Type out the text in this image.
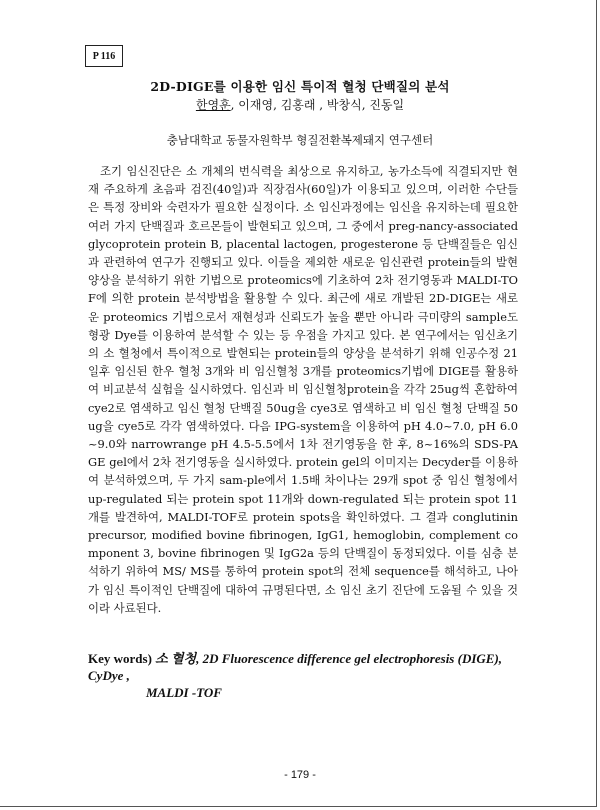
P 116
2D-DIGE를 이용한 임신 특이적 혈청 단백질의 분석
한영훈, 이재영, 김홍래 , 박창식, 진동일
충남대학교 동물자원학부 형질전환복제돼지 연구센터

조기 임신진단은 소 개체의 번식력을 최상으로 유지하고, 농가소득에 직결되지만 현재 주요하게 초음파 검진(40일)과 직장검사(60일)가 이용되고 있으며, 이러한 수단들은 특정 장비와 숙련자가 필요한 실정이다. 소 임신과정에는 임신을 유지하는데 필요한 여러 가지 단백질과 호르몬들이 발현되고 있으며, 그 중에서 preg-nancy-associated glycoprotein protein B, placental lactogen, progesterone 등 단백질들은 임신과 관련하여 연구가 진행되고 있다. 이들을 제외한 새로운 임신관련 protein들의 발현 양상을 분석하기 위한 기법으로 proteomics에 기초하여 2차 전기영동과 MALDI-TOF에 의한 protein 분석방법을 활용할 수 있다. 최근에 새로 개발된 2D-DIGE는 새로운 proteomics 기법으로서 재현성과 신뢰도가 높을 뿐만 아니라 극미량의 sample도 형광 Dye를 이용하여 분석할 수 있는 등 우점을 가지고 있다. 본 연구에서는 임신초기의 소 혈청에서 특이적으로 발현되는 protein들의 양상을 분석하기 위해 인공수정 21일후 임신된 한우 혈청 3개와 비 임신혈청 3개를 proteomics기법에 DIGE를 활용하여 비교분석 실험을 실시하였다. 임신과 비 임신혈청protein을 각각 25ug씩 혼합하여 cye2로 염색하고 임신 혈청 단백질 50ug을 cye3로 염색하고 비 임신 혈청 단백질 50ug을 cye5로 각각 염색하였다. 다음 IPG-system을 이용하여 pH 4.0~7.0, pH 6.0~9.0와 narrowrange pH 4.5-5.5에서 1차 전기영동을 한 후, 8~16%의 SDS-PAGE gel에서 2차 전기영동을 실시하였다. protein gel의 이미지는 Decyder를 이용하여 분석하였으며, 두 가지 sam-ple에서 1.5배 차이나는 29개 spot 중 임신 혈청에서 up-regulated 되는 protein spot 11개와 down-regulated 되는 protein spot 11개를 발견하여, MALDI-TOF로 protein spots을 확인하였다. 그 결과 conglutinin precursor, modified bovine fibrinogen, IgG1, hemoglobin, complement component 3, bovine fibrinogen 및 IgG2a 등의 단백질이 동정되었다. 이를 심층 분석하기 위하여 MS/ MS를 통하여 protein spot의 전체 sequence를 해석하고, 나아가 임신 특이적인 단백질에 대하여 규명된다면, 소 임신 초기 진단에 도움될 수 있을 것이라 사료된다.

Key words) 소 혈청, 2D Fluorescence difference gel electrophoresis (DIGE), CyDye ,
MALDI -TOF
- 179 -
